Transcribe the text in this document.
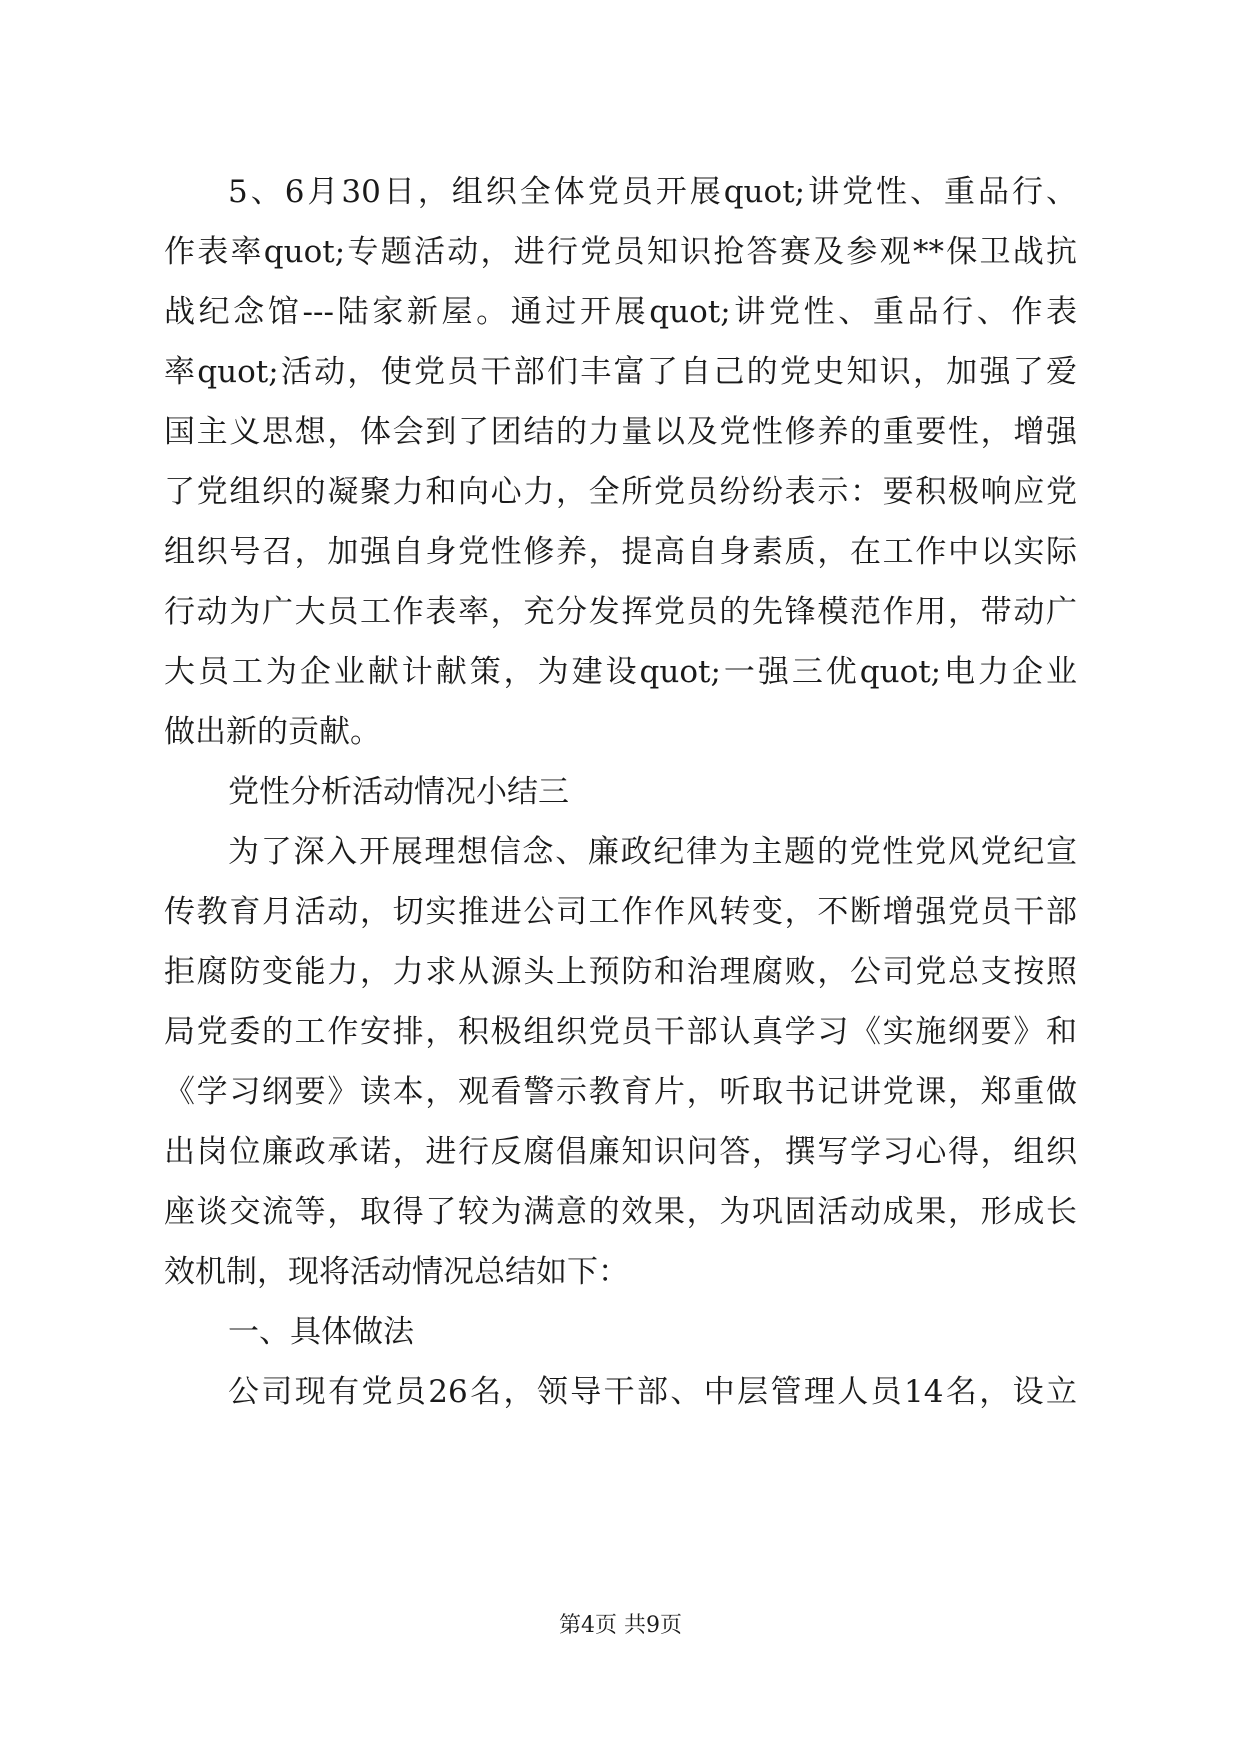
5、6月30日，组织全体党员开展quot;讲党性、重品行、
作表率quot;专题活动，进行党员知识抢答赛及参观**保卫战抗
战纪念馆---陆家新屋。通过开展quot;讲党性、重品行、作表
率quot;活动，使党员干部们丰富了自己的党史知识，加强了爱
国主义思想，体会到了团结的力量以及党性修养的重要性，增强
了党组织的凝聚力和向心力，全所党员纷纷表示：要积极响应党
组织号召，加强自身党性修养，提高自身素质，在工作中以实际
行动为广大员工作表率，充分发挥党员的先锋模范作用，带动广
大员工为企业献计献策，为建设quot;一强三优quot;电力企业
做出新的贡献。
党性分析活动情况小结三
为了深入开展理想信念、廉政纪律为主题的党性党风党纪宣
传教育月活动，切实推进公司工作作风转变，不断增强党员干部
拒腐防变能力，力求从源头上预防和治理腐败，公司党总支按照
局党委的工作安排，积极组织党员干部认真学习《实施纲要》和
《学习纲要》读本，观看警示教育片，听取书记讲党课，郑重做
出岗位廉政承诺，进行反腐倡廉知识问答，撰写学习心得，组织
座谈交流等，取得了较为满意的效果，为巩固活动成果，形成长
效机制，现将活动情况总结如下：
一、具体做法
公司现有党员26名，领导干部、中层管理人员14名，设立
第4页 共9页
